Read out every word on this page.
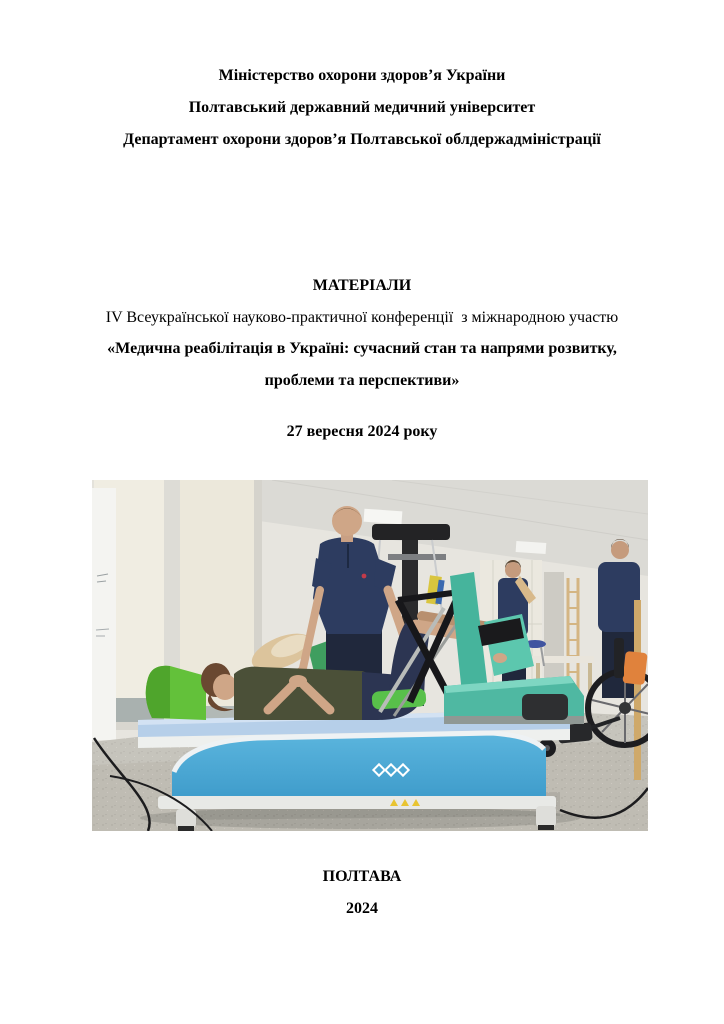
Міністерство охорони здоров’я України
Полтавський державний медичний університет
Департамент охорони здоров’я Полтавської облдержадміністрації
МАТЕРІАЛИ
IV Всеукраїнської науково-практичної конференції  з міжнародною участю
«Медична реабілітація в Україні: сучасний стан та напрями розвитку,
проблеми та перспективи»
27 вересня 2024 року
ПОЛТАВА
2024
